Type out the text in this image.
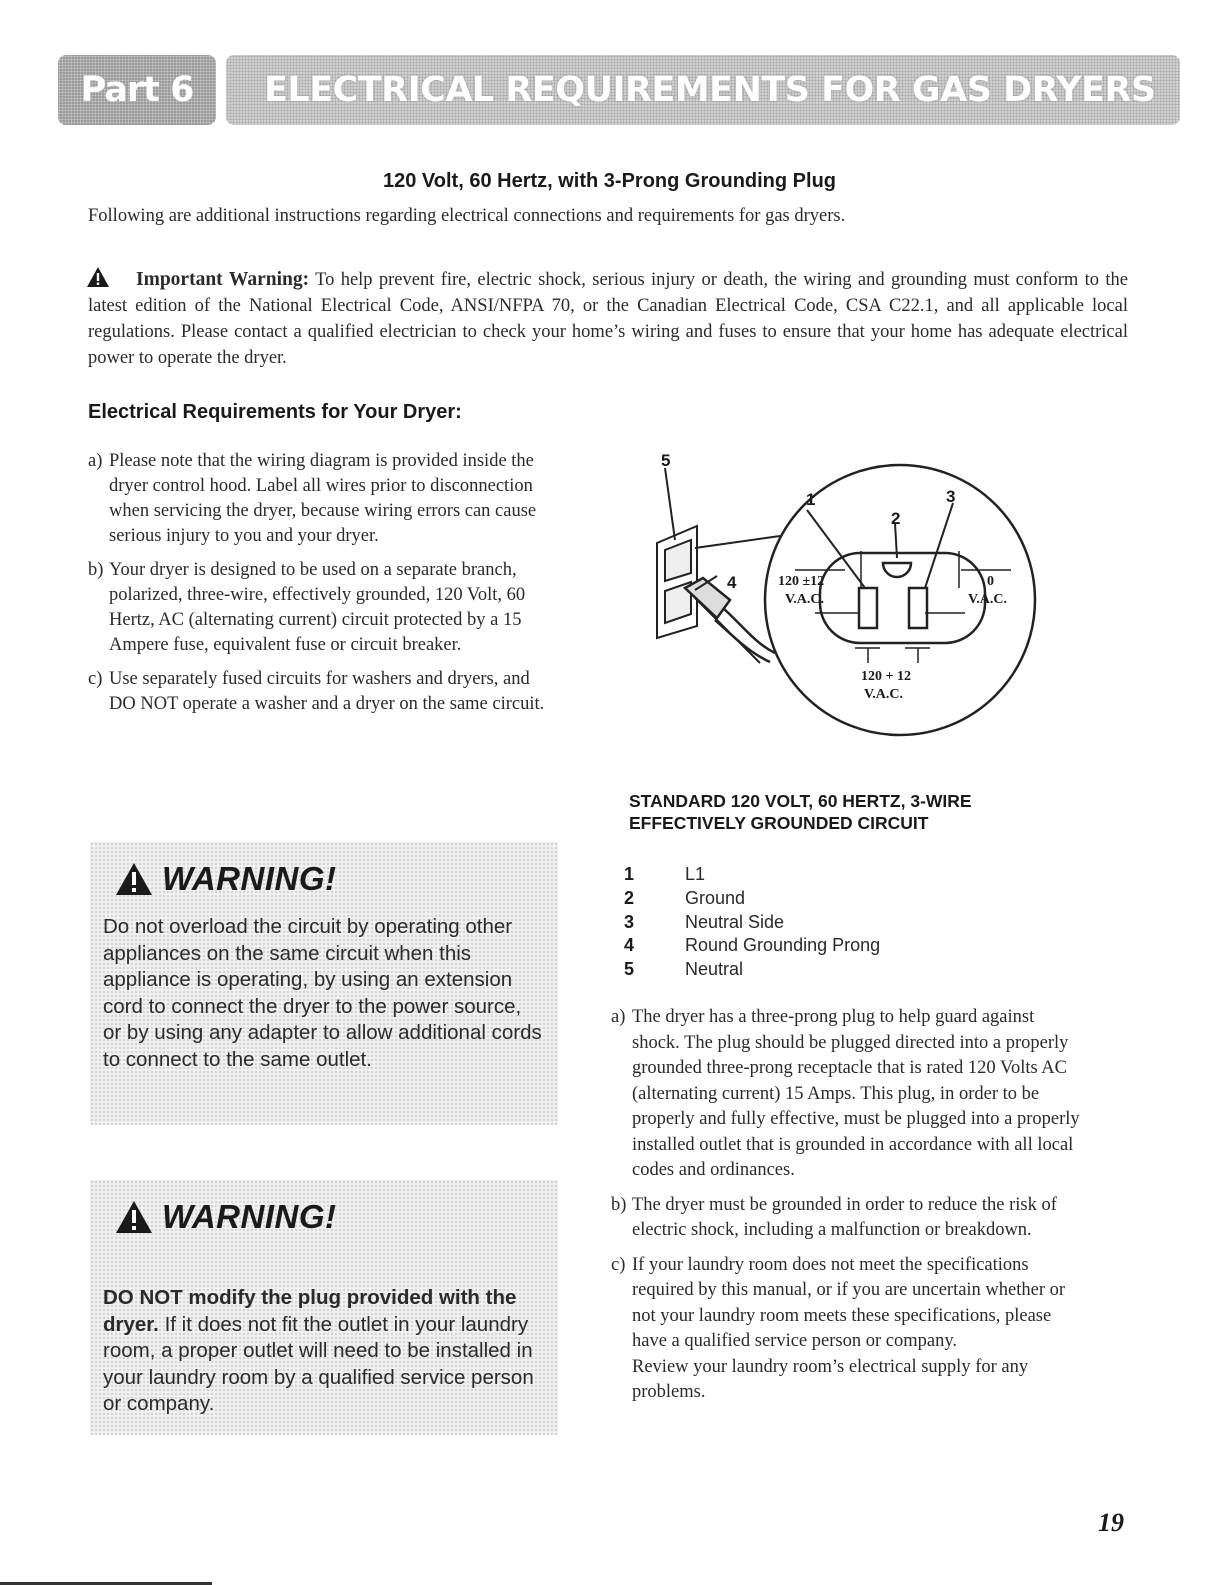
Part 6 ELECTRICAL REQUIREMENTS FOR GAS DRYERS
120 Volt, 60 Hertz, with 3-Prong Grounding Plug
Following are additional instructions regarding electrical connections and requirements for gas dryers.
Important Warning: To help prevent fire, electric shock, serious injury or death, the wiring and grounding must conform to the latest edition of the National Electrical Code, ANSI/NFPA 70, or the Canadian Electrical Code, CSA C22.1, and all applicable local regulations. Please contact a qualified electrician to check your home’s wiring and fuses to ensure that your home has adequate electrical power to operate the dryer.
Electrical Requirements for Your Dryer:
a) Please note that the wiring diagram is provided inside the dryer control hood. Label all wires prior to disconnection when servicing the dryer, because wiring errors can cause serious injury to you and your dryer.
b) Your dryer is designed to be used on a separate branch, polarized, three-wire, effectively grounded, 120 Volt, 60 Hertz, AC (alternating current) circuit protected by a 15 Ampere fuse, equivalent fuse or circuit breaker.
c) Use separately fused circuits for washers and dryers, and DO NOT operate a washer and a dryer on the same circuit.
WARNING!
Do not overload the circuit by operating other appliances on the same circuit when this appliance is operating, by using an extension cord to connect the dryer to the power source, or by using any adapter to allow additional cords to connect to the same outlet.
WARNING!
DO NOT modify the plug provided with the dryer. If it does not fit the outlet in your laundry room, a proper outlet will need to be installed in your laundry room by a qualified service person or company.
5
1	3
2
4	120 ±12
V.A.C.
0
V.A.C.
120 + 12
V.A.C.
STANDARD 120 VOLT, 60 HERTZ, 3-WIRE
EFFECTIVELY GROUNDED CIRCUIT
1	L1
2	Ground
3	Neutral Side
4	Round Grounding Prong
5	Neutral
a) The dryer has a three-prong plug to help guard against shock. The plug should be plugged directed into a properly grounded three-prong receptacle that is rated 120 Volts AC (alternating current) 15 Amps. This plug, in order to be properly and fully effective, must be plugged into a properly installed outlet that is grounded in accordance with all local codes and ordinances.
b) The dryer must be grounded in order to reduce the risk of electric shock, including a malfunction or breakdown.
c) If your laundry room does not meet the specifications required by this manual, or if you are uncertain whether or not your laundry room meets these specifications, please have a qualified service person or company.
Review your laundry room’s electrical supply for any problems.
19
